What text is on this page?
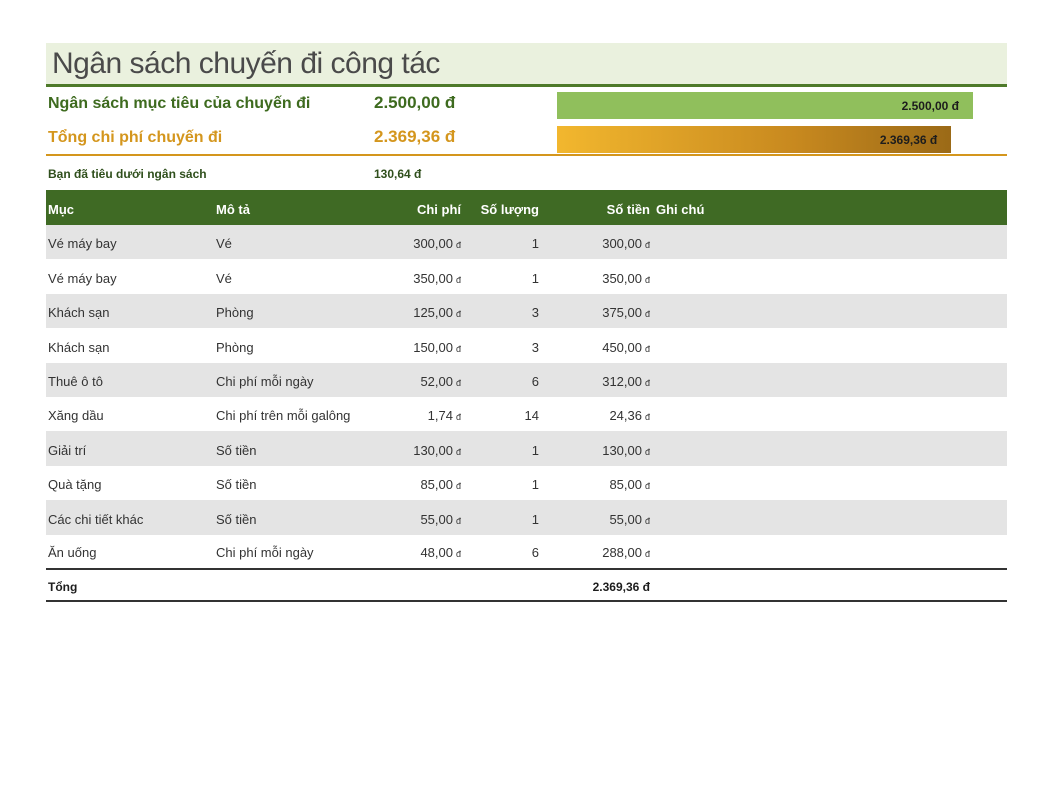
Ngân sách chuyến đi công tác
Ngân sách mục tiêu của chuyến đi	2.500,00 đ	2.500,00 đ
Tổng chi phí chuyến đi	2.369,36 đ	2.369,36 đ
Bạn đã tiêu dưới ngân sách	130,64 đ
Mục	Mô tả	Chi phí	Số lượng	Số tiền	Ghi chú
Vé máy bay	Vé	300,00 đ	1	300,00 đ	
Vé máy bay	Vé	350,00 đ	1	350,00 đ	
Khách sạn	Phòng	125,00 đ	3	375,00 đ	
Khách sạn	Phòng	150,00 đ	3	450,00 đ	
Thuê ô tô	Chi phí mỗi ngày	52,00 đ	6	312,00 đ	
Xăng dầu	Chi phí trên mỗi galông	1,74 đ	14	24,36 đ	
Giải trí	Số tiền	130,00 đ	1	130,00 đ	
Quà tặng	Số tiền	85,00 đ	1	85,00 đ	
Các chi tiết khác	Số tiền	55,00 đ	1	55,00 đ	
Ăn uống	Chi phí mỗi ngày	48,00 đ	6	288,00 đ	
Tổng				2.369,36 đ	
